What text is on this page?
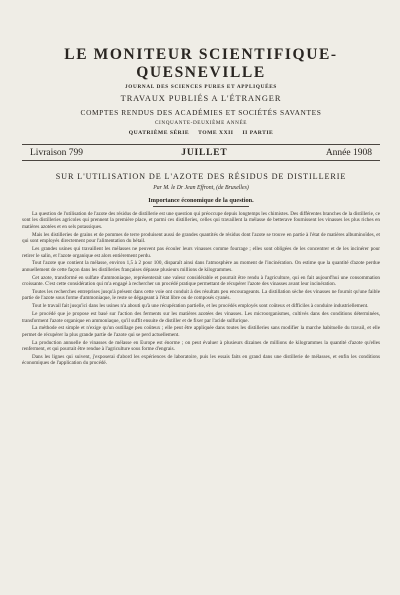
LE MONITEUR SCIENTIFIQUE-QUESNEVILLE
JOURNAL DES SCIENCES PURES ET APPLIQUÉES
TRAVAUX PUBLIÉS A L'ÉTRANGER
COMPTES RENDUS DES ACADÉMIES ET SOCIÉTÉS SAVANTES
CINQUANTE-DEUXIÈME ANNÉE
QUATRIÈME SÉRIE TOME XXII II PARTIE
Livraison 799	JUILLET	Année 1908
SUR L'UTILISATION DE L'AZOTE DES RÉSIDUS DE DISTILLERIE
Par M. le Dr Jean Effront, (de Bruxelles)
Importance économique de la question.

La question de l'utilisation de l'azote des résidus de distillerie est une question qui préoccupe depuis longtemps les chimistes. Des différentes branches de la distillerie, ce sont les distilleries agricoles qui prennent la première place, et parmi ces distilleries, celles qui travaillent la mélasse de betterave fournissent les vinasses les plus riches en matières azotées et en sels potassiques.

Mais les distilleries de grains et de pommes de terre produisent aussi de grandes quantités de résidus dont l'azote se trouve en partie à l'état de matières albuminoïdes, et qui sont employés directement pour l'alimentation du bétail.

Les grandes usines qui travaillent les mélasses ne peuvent pas écouler leurs vinasses comme fourrage ; elles sont obligées de les concentrer et de les incinérer pour retirer le salin, et l'azote organique est alors entièrement perdu.

Tout l'azote que contient la mélasse, environ 1,5 à 2 pour 100, disparaît ainsi dans l'atmosphère au moment de l'incinération. On estime que la quantité d'azote perdue annuellement de cette façon dans les distilleries françaises dépasse plusieurs millions de kilogrammes.

Cet azote, transformé en sulfate d'ammoniaque, représenterait une valeur considérable et pourrait être rendu à l'agriculture, qui en fait aujourd'hui une consommation croissante. C'est cette considération qui m'a engagé à rechercher un procédé pratique permettant de récupérer l'azote des vinasses avant leur incinération.

Toutes les recherches entreprises jusqu'à présent dans cette voie ont conduit à des résultats peu encourageants. La distillation sèche des vinasses ne fournit qu'une faible partie de l'azote sous forme d'ammoniaque, le reste se dégageant à l'état libre ou de composés cyanés.

Tout le travail fait jusqu'ici dans les usines n'a abouti qu'à une récupération partielle, et les procédés employés sont coûteux et difficiles à conduire industriellement.

Le procédé que je propose est basé sur l'action des ferments sur les matières azotées des vinasses. Les microorganismes, cultivés dans des conditions déterminées, transforment l'azote organique en ammoniaque, qu'il suffit ensuite de distiller et de fixer par l'acide sulfurique.

La méthode est simple et n'exige qu'un outillage peu coûteux ; elle peut être appliquée dans toutes les distilleries sans modifier la marche habituelle du travail, et elle permet de récupérer la plus grande partie de l'azote qui se perd actuellement.

La production annuelle de vinasses de mélasse en Europe est énorme ; on peut évaluer à plusieurs dizaines de millions de kilogrammes la quantité d'azote qu'elles renferment, et qui pourrait être rendue à l'agriculture sous forme d'engrais.

Dans les lignes qui suivent, j'exposerai d'abord les expériences de laboratoire, puis les essais faits en grand dans une distillerie de mélasses, et enfin les conditions économiques de l'application du procédé.
